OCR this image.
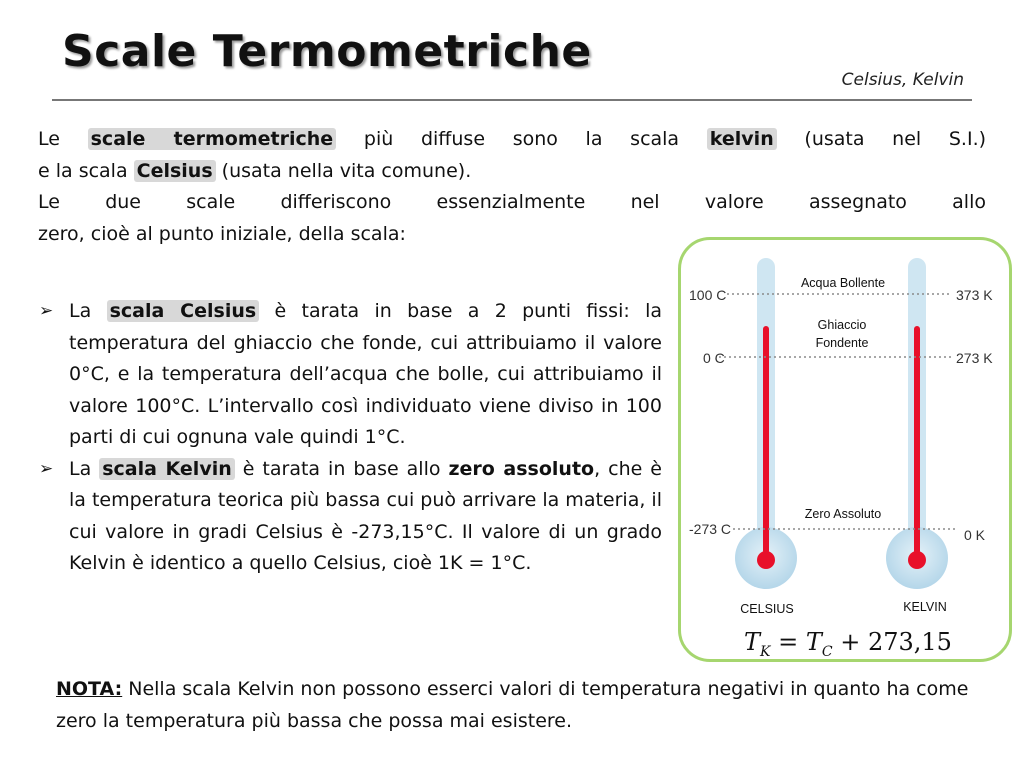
Scale Termometriche
Celsius, Kelvin

Le scale termometriche più diffuse sono la scala kelvin (usata nel S.I.)

e la scala Celsius (usata nella vita comune).

Le due scale differiscono essenzialmente nel valore assegnato allo

zero, cioè al punto iniziale, della scala:

➢ La scala Celsius è tarata in base a 2 punti fissi: la temperatura del ghiaccio che fonde, cui attribuiamo il valore 0°C, e la temperatura dell’acqua che bolle, cui attribuiamo il valore 100°C. L’intervallo così individuato viene diviso in 100 parti di cui ognuna vale quindi 1°C.
➢ La scala Kelvin è tarata in base allo zero assoluto, che è la temperatura teorica più bassa cui può arrivare la materia, il cui valore in gradi Celsius è -273,15°C. Il valore di un grado Kelvin è identico a quello Celsius, cioè 1K = 1°C.
100 C
0 C
-273 C
373 K
273 K
0 K
Acqua Bollente
Ghiaccio
Fondente
Zero Assoluto
CELSIUS	KELVIN
$T_K = T_C + 273,15$
NOTA: Nella scala Kelvin non possono esserci valori di temperatura negativi in quanto ha come zero la temperatura più bassa che possa mai esistere.
